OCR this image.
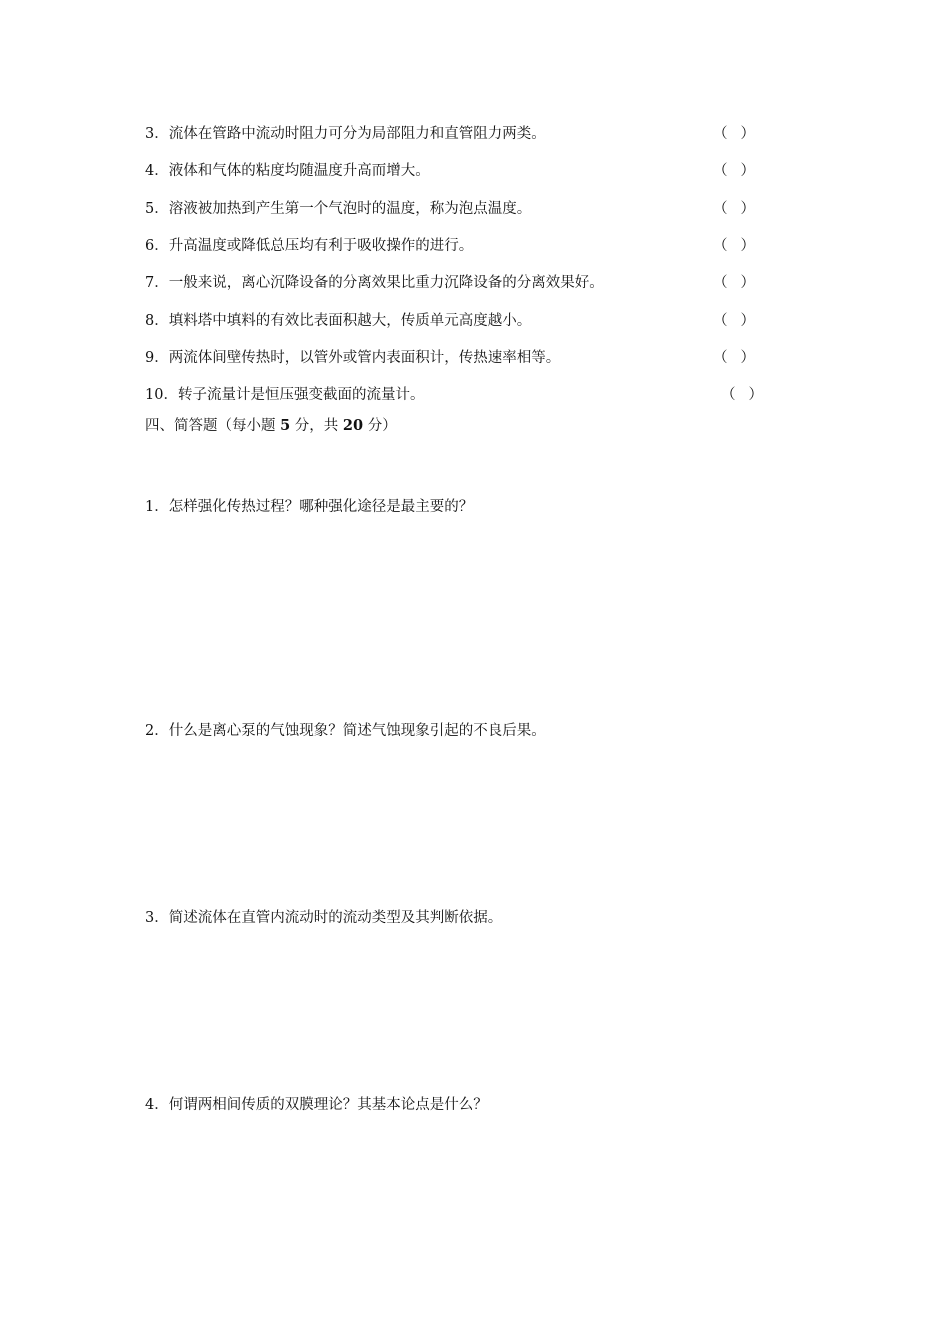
3．流体在管路中流动时阻力可分为局部阻力和直管阻力两类。	（ ）
4．液体和气体的粘度均随温度升高而增大。	（ ）
5．溶液被加热到产生第一个气泡时的温度，称为泡点温度。	（ ）
6．升高温度或降低总压均有利于吸收操作的进行。	（ ）
7．一般来说，离心沉降设备的分离效果比重力沉降设备的分离效果好。	（ ）
8．填料塔中填料的有效比表面积越大，传质单元高度越小。	（ ）
9．两流体间壁传热时，以管外或管内表面积计，传热速率相等。	（ ）
10．转子流量计是恒压强变截面的流量计。	（ ）
四、简答题（每小题 5 分，共 20 分）
1．怎样强化传热过程？哪种强化途径是最主要的？
2．什么是离心泵的气蚀现象？简述气蚀现象引起的不良后果。
3．简述流体在直管内流动时的流动类型及其判断依据。
4．何谓两相间传质的双膜理论？其基本论点是什么？
